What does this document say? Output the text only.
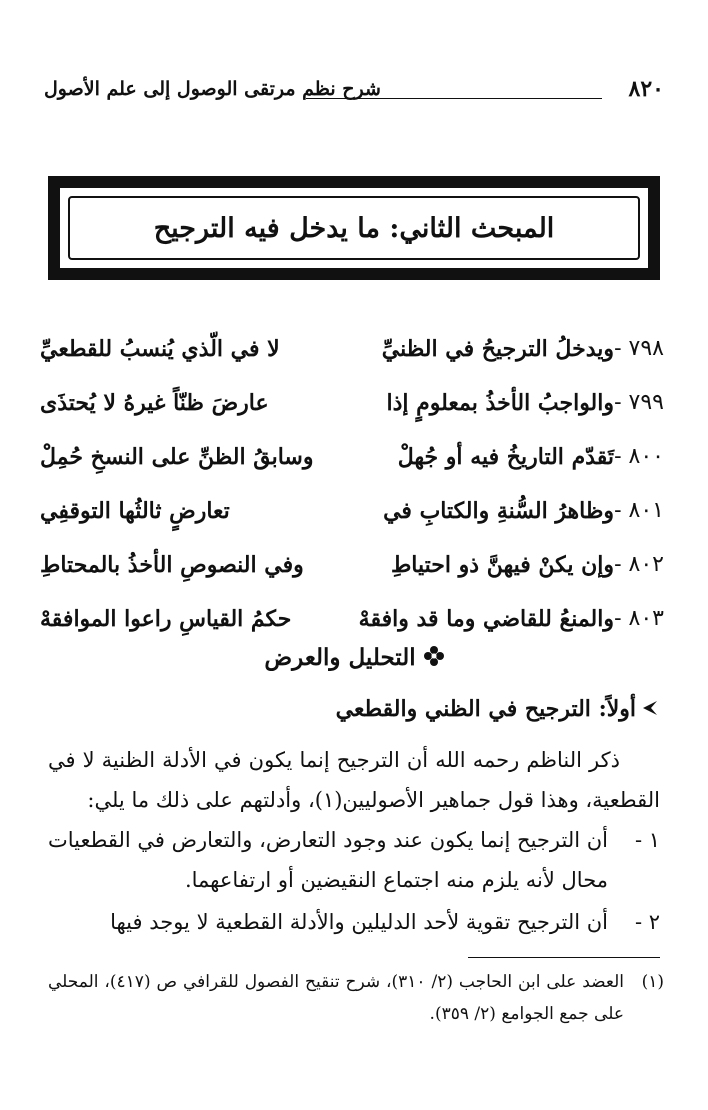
٨٢٠
شرح نظم مرتقى الوصول إلى علم الأصول
المبحث الثاني: ما يدخل فيه الترجيح
٧٩٨ -
ويدخلُ الترجيحُ في الظنيِّ
لا في الّذي يُنسبُ للقطعيِّ
٧٩٩ -
والواجبُ الأخذُ بمعلومٍ إذا
عارضَ ظنّاً غيرهُ لا يُحتذَى
٨٠٠ -
تَقدّم التاريخُ فيه أو جُهلْ
وسابقُ الظنِّ على النسخِ حُمِلْ
٨٠١ -
وظاهرُ السُّنةِ والكتابِ في
تعارضٍ ثالثُها التوقفِي
٨٠٢ -
وإن يكنْ فيهنَّ ذو احتياطِ
وفي النصوصِ الأخذُ بالمحتاطِ
٨٠٣ -
والمنعُ للقاضي وما قد وافقهْ
حكمُ القياسِ راعوا الموافقهْ
التحليل والعرض
أولاً: الترجيح في الظني والقطعي
ذكر الناظم رحمه الله أن الترجيح إنما يكون في الأدلة الظنية لا في القطعية، وهذا قول جماهير الأصوليين(١)، وأدلتهم على ذلك ما يلي:
١ -
أن الترجيح إنما يكون عند وجود التعارض، والتعارض في القطعيات محال لأنه يلزم منه اجتماع النقيضين أو ارتفاعهما.
٢ -
أن الترجيح تقوية لأحد الدليلين والأدلة القطعية لا يوجد فيها
(١)
العضد على ابن الحاجب (٢/ ٣١٠)، شرح تنقيح الفصول للقرافي ص (٤١٧)، المحلي على جمع الجوامع (٢/ ٣٥٩).
